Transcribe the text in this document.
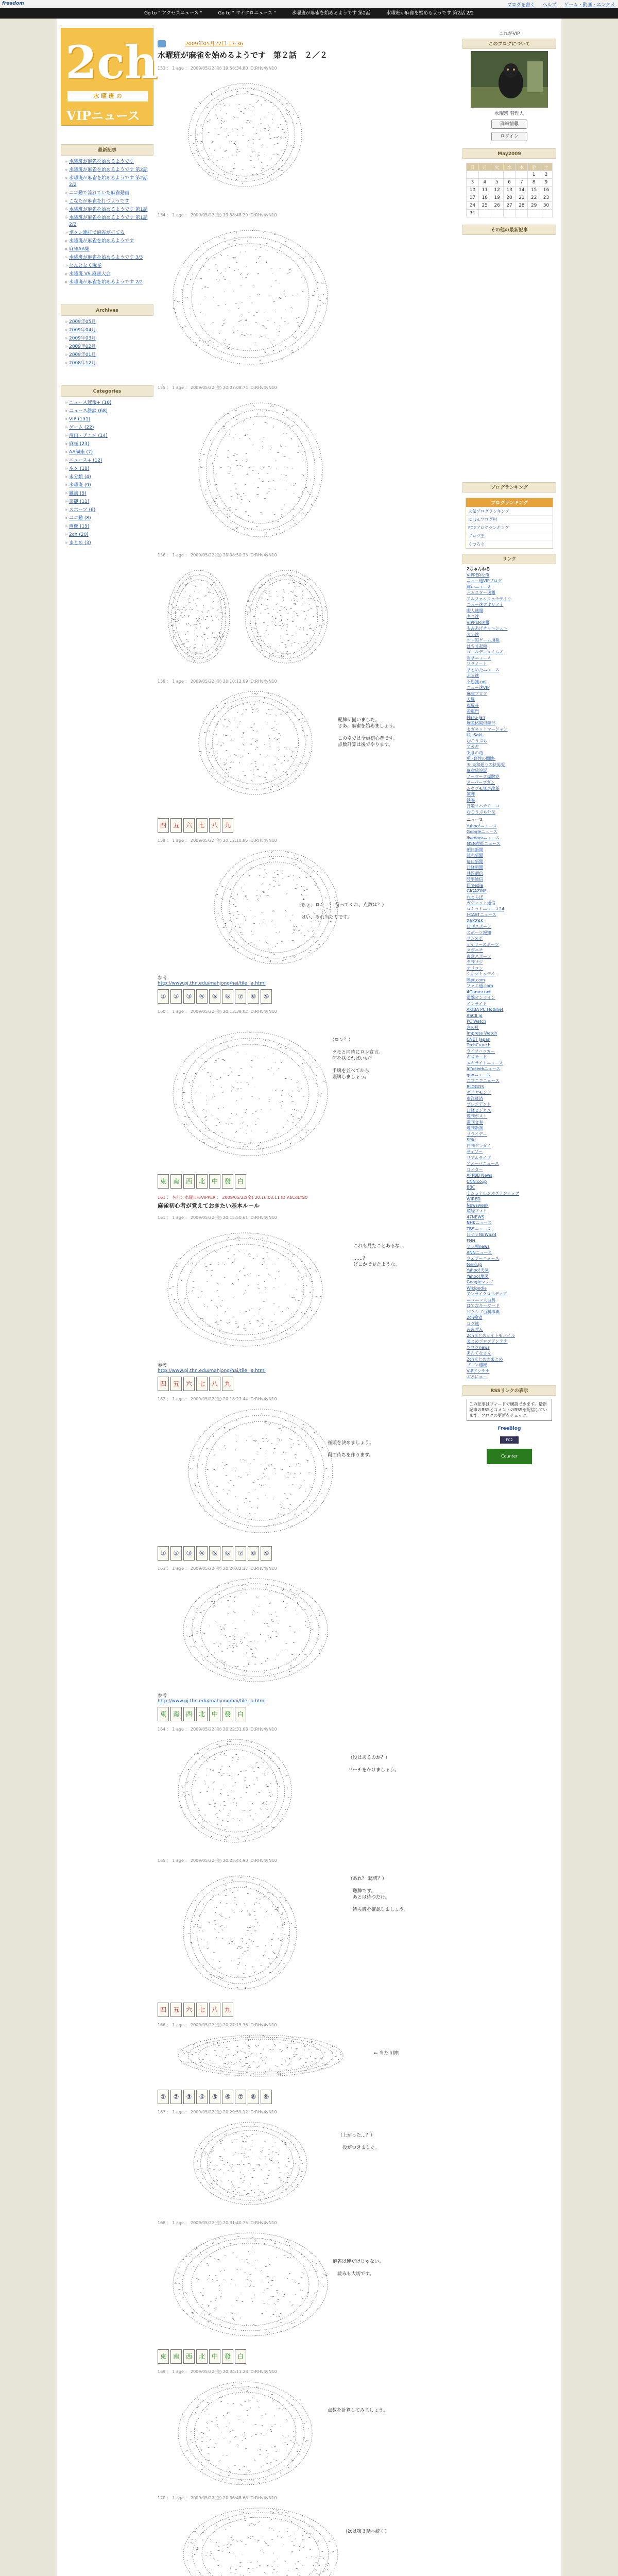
freedom	ブログを書く ヘルプ ゲーム・動画・エンタメ
Go to " アクセスニュース "	Go to " マイクロニュース "	水曜班が麻雀を始めるようです 第2話	水曜班が麻雀を始めるようです 第2話 2/2
2ch
水 曜 班 の
VIPニュース
最新記事
» 水曜班が麻雀を始めるようです
» 水曜班が麻雀を始めるようです 第2話
» 水曜班が麻雀を始めるようです 第2話 2/2
» ニコ動で流れていた麻雀動画
» こなたが麻雀を打つようです
» 水曜班が麻雀を始めるようです 第1話
» 水曜班が麻雀を始めるようです 第1話 2/2
» ボタン連打で麻雀が打てる
» 水曜班が麻雀を始めるようです
» 麻雀AA集
» 水曜班が麻雀を始めるようです 3/3
» なんとなく麻雀
» 水曜班 VS 麻雀大会
» 水曜班が麻雀を始めるようです 2/2
Archives
» 2009年05月
» 2009年04月
» 2009年03月
» 2009年02月
» 2009年01月
» 2008年12月
Categories
» ニュース速報+ (10)
» ニュース雑談 (68)
» VIP (151)
» ゲーム (22)
» 漫画・アニメ (14)
» 麻雀 (23)
» AA講座 (7)
» ニュース+ (12)
» ネタ (18)
» 未分類 (4)
» 水曜班 (9)
» 雑談 (5)
» 芸能 (11)
» スポーツ (6)
» ニコ動 (8)
» 画像 (15)
» 2ch (20)
» まとめ (3)
2009年05月22日 17:36
水曜班が麻雀を始めるようです　第２話　２／２
153 ： 1 age ： 2009/05/22(金) 19:58:34.80 ID:RHv4yN10
154 ： 1 age ： 2009/05/22(金) 19:58:48.29 ID:RHv4yN10
155 ： 1 age ： 2009/05/22(金) 20:07:08.74 ID:RHv4yN10
156 ： 1 age ： 2009/05/22(金) 20:08:50.33 ID:RHv4yN10
158 ： 1 age ： 2009/05/22(金) 20:10:12.09 ID:RHv4yN10
配牌が揃いました。
さあ、麻雀を始めましょう。

この卓では全員初心者です。
点数計算は後でやります。
四	五	六	七	八	九
159 ： 1 age ： 2009/05/22(金) 20:12:10.85 ID:RHv4yN10
（ちょ、ロン…？ 待ってくれ、点数は？）

　はい、それ当たりです。
参考
http://www.pj.thn.edu/mahjong/hai/tile_ja.html
①	②	③	④	⑤	⑥	⑦	⑧	⑨
160 ： 1 age ： 2009/05/22(金) 20:13:39.02 ID:RHv4yN10
　（ロン？）

　ツモと同時にロン宣言。
　何を捨てればいい？

　手牌を並べてから
　理牌しましょう。
東	南	西	北	中	發	白
161 ： 名前：水曜日のVIPPER ： 2009/05/22(金) 20:16:03.11 ID:AbCdEfG0
麻雀初心者が覚えておきたい基本ルール
161 ： 1 age ： 2009/05/22(金) 20:15:50.61 ID:RHv4yN10
これも見たことあるな…

……？
どこかで見たような。
参考
http://www.pj.thn.edu/mahjong/hai/tile_ja.html
四	五	六	七	八	九
162 ： 1 age ： 2009/05/22(金) 20:18:27.44 ID:RHv4yN10
雀頭を決めましょう。

両面待ちを作ります。
①	②	③	④	⑤	⑥	⑦	⑧	⑨
163 ： 1 age ： 2009/05/22(金) 20:20:02.17 ID:RHv4yN10
参考
http://www.pj.thn.edu/mahjong/hai/tile_ja.html
東	南	西	北	中	發	白
164 ： 1 age ： 2009/05/22(金) 20:22:31.08 ID:RHv4yN10
（役はあるのか？）

リーチをかけましょう。
165 ： 1 age ： 2009/05/22(金) 20:25:44.90 ID:RHv4yN10
（あれ？ 聴牌？）

　聴牌です。
　あとは待つだけ。

　待ち牌を確認しましょう。
四	五	六	七	八	九
166 ： 1 age ： 2009/05/22(金) 20:27:15.36 ID:RHv4yN10
← 当たり牌！
①	②	③	④	⑤	⑥	⑦	⑧	⑨
167 ： 1 age ： 2009/05/22(金) 20:29:59.12 ID:RHv4yN10
（上がった…？）

　役がつきました。
168 ： 1 age ： 2009/05/22(金) 20:31:40.75 ID:RHv4yN10
麻雀は運だけじゃない。

　読みも大切です。
東	南	西	北	中	發	白
169 ： 1 age ： 2009/05/22(金) 20:34:11.28 ID:RHv4yN10
点数を計算してみましょう。
170 ： 1 age ： 2009/05/22(金) 20:36:48.66 ID:RHv4yN10
（次は第３話へ続く）
これがVIP
このブログについて
水曜班 管理人
詳細情報
ログイン
May2009
日	月	火	水	木	金	土
					1	2
3	4	5	6	7	8	9
10	11	12	13	14	15	16
17	18	19	20	21	22	23
24	25	26	27	28	29	30
31						
その他の最新記事
ブログランキング
ブログランキング
人気ブログランキング
にほんブログ村
FC2ブログランキング
ブログ王
くつろぐ
リンク
2ちゃんねる
VIPPERな俺
ニュー速VIPブログ
痛いニュース
ハムスター速報
アルファルファモザイク
ニュー速クオリティ
暇人速報
キニ速
VIPPER速報
もみあげチャ～シュ～
カナ速
オレ的ゲーム速報
はちま起稿
ゴールデンタイムズ
哲学ニュース
ワラノート
まとめたニュース
ぶる速
不思議.net
ニュー速VIP
麻雀ブログ
天鳳
東風荘
雀龍門
Maru-Jan
麻雀格闘倶楽部
セガネットマージャン
咲 -Saki-
むこうぶち
アカギ
哭きの竜
兎 -野性の闘牌-
天 天和通りの快男児
麻雀放浪記
ノーマーク爆牌党
スーパーヅガン
ムダヅモ無き改革
凍牌
鉄鳴
打姫オバカミーコ
むこうぶち外伝
ニュース
Yahoo!ニュース
Googleニュース
livedoorニュース
MSN産経ニュース
朝日新聞
読売新聞
毎日新聞
日経新聞
共同通信
時事通信
ITmedia
GIGAZINE
ねとらぼ
ガジェット通信
ロケットニュース24
J-CASTニュース
ZAKZAK
日刊スポーツ
スポーツ報知
サンスポ
デイリースポーツ
スポニチ
東京スポーツ
夕刊フジ
オリコン
シネマトゥデイ
映画.com
ファミ通.com
4Gamer.net
電撃オンライン
インサイド
AKIBA PC Hotline!
ASCII.jp
PC Watch
窓の杜
Impress Watch
CNET Japan
TechCrunch
ライフハッカー
ギズモード
エキサイトニュース
Infoseekニュース
gooニュース
ニコニコニュース
BLOGOS
ダイヤモンド
東洋経済
プレジデント
日経ビジネス
週刊ポスト
週刊文春
週刊新潮
フライデー
SPA!
日刊ゲンダイ
サイゾー
リアルライブ
アメーバニュース
ロイター
AFPBB News
CNN.co.jp
BBC
ナショナルジオグラフィック
WIRED
Newsweek
産経フォト
47NEWS
NHKニュース
TBSニュース
日テレNEWS24
FNN
テレ朝news
ANNニュース
ウェザーニュース
tenki.jp
Yahoo!天気
Yahoo!地図
Googleマップ
Wikipedia
アンサイクロペディア
ニコニコ大百科
はてなキーワード
ピクシブ百科事典
2ch検索
ログ速
みみずん
2chまとめサイトモバイル
まとめブログアンテナ
ワロタnews
あんてなさん
2chまとめのまとめ
ブーン速報
VIPアンテナ
ぶろにゅー
RSSリンクの表示
この記事はフィードで購読できます。最新記事のRSSとコメントのRSSを配信しています。ブログの更新をチェック。
FreeBlog
FC2
Counter
